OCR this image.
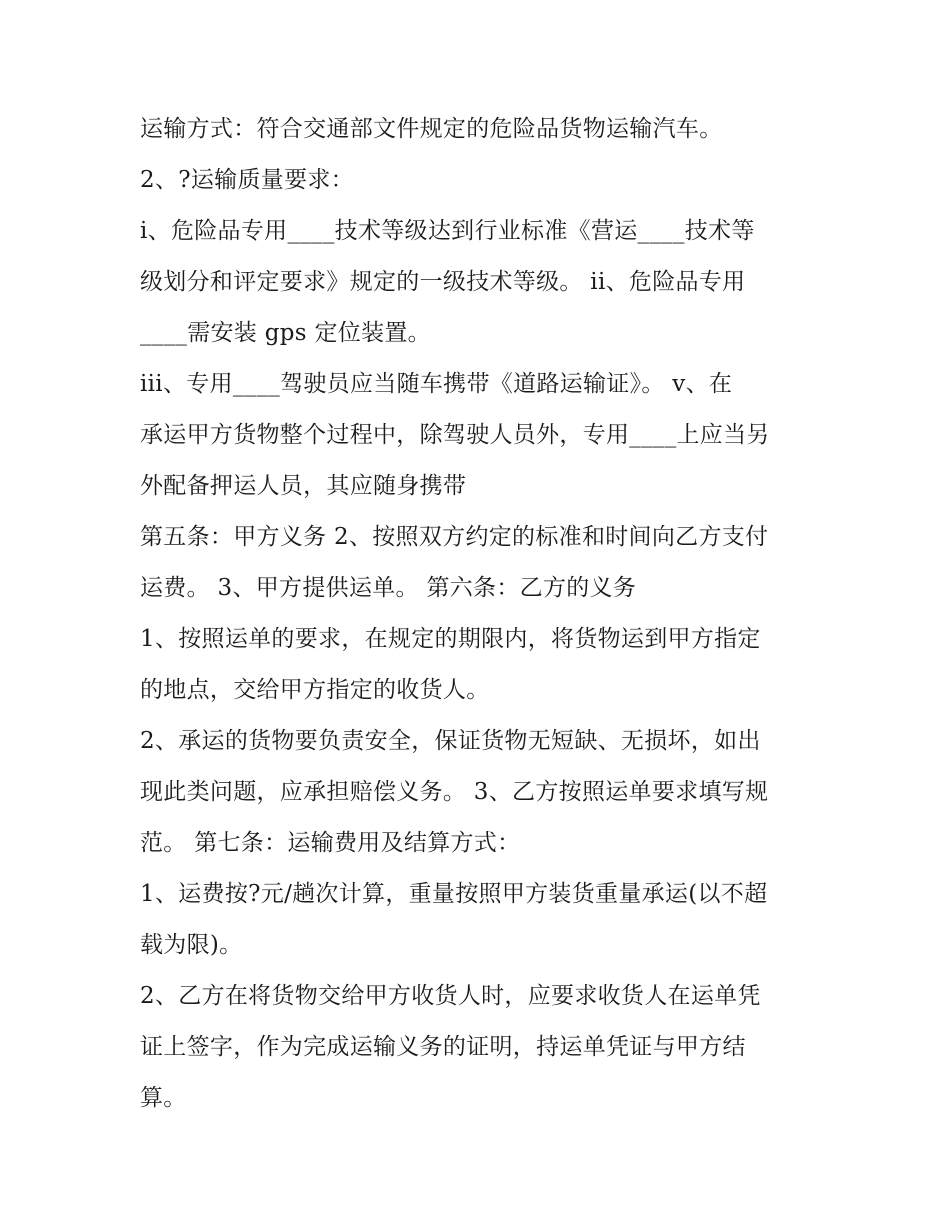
运输方式：符合交通部文件规定的危险品货物运输汽车。
2、?运输质量要求：
i、危险品专用____技术等级达到行业标准《营运____技术等
级划分和评定要求》规定的一级技术等级。 ii、危险品专用
____需安装 gps 定位装置。
iii、专用____驾驶员应当随车携带《道路运输证》。 v、在
承运甲方货物整个过程中，除驾驶人员外，专用____上应当另
外配备押运人员，其应随身携带
第五条：甲方义务 2、按照双方约定的标准和时间向乙方支付
运费。 3、甲方提供运单。 第六条：乙方的义务
1、按照运单的要求，在规定的期限内，将货物运到甲方指定
的地点，交给甲方指定的收货人。
2、承运的货物要负责安全，保证货物无短缺、无损坏，如出
现此类问题，应承担赔偿义务。 3、乙方按照运单要求填写规
范。 第七条：运输费用及结算方式：
1、运费按?元/趟次计算，重量按照甲方装货重量承运(以不超
载为限)。
2、乙方在将货物交给甲方收货人时，应要求收货人在运单凭
证上签字，作为完成运输义务的证明，持运单凭证与甲方结
算。
